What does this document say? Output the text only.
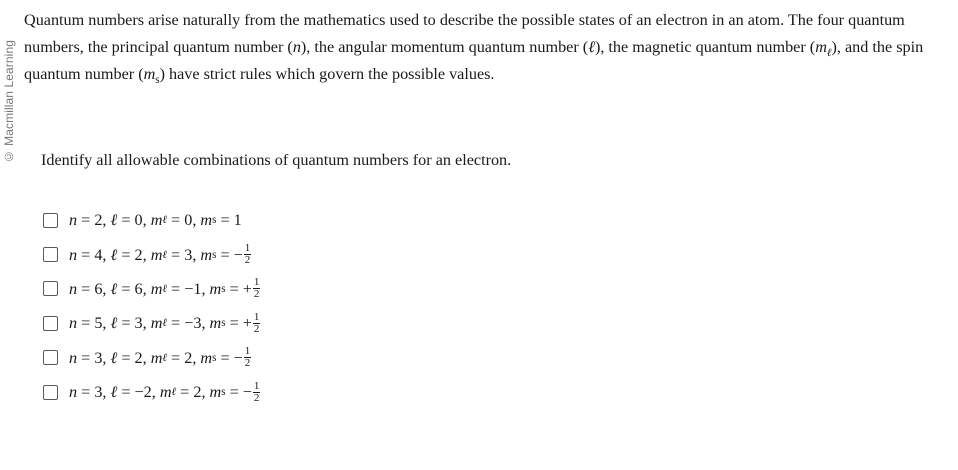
© Macmillan Learning

Quantum numbers arise naturally from the mathematics used to describe the possible states of an electron in an atom. The four quantum numbers, the principal quantum number (n), the angular momentum quantum number (ℓ), the magnetic quantum number $(m_\ell)$, and the spin quantum number $(m_s)$ have strict rules which govern the possible values.

Identify all allowable combinations of quantum numbers for an electron.
n = 2 , ℓ = 0 , m ℓ = 0 , m s = 1
n = 4 , ℓ = 2 , m ℓ = 3 , m s = − $\frac{1}{2}$
n = 6 , ℓ = 6 , m ℓ = −1 , m s = + $\frac{1}{2}$
n = 5 , ℓ = 3 , m ℓ = −3 , m s = + $\frac{1}{2}$
n = 3 , ℓ = 2 , m ℓ = 2 , m s = − $\frac{1}{2}$
n = 3 , ℓ = −2 , m ℓ = 2 , m s = − $\frac{1}{2}$
